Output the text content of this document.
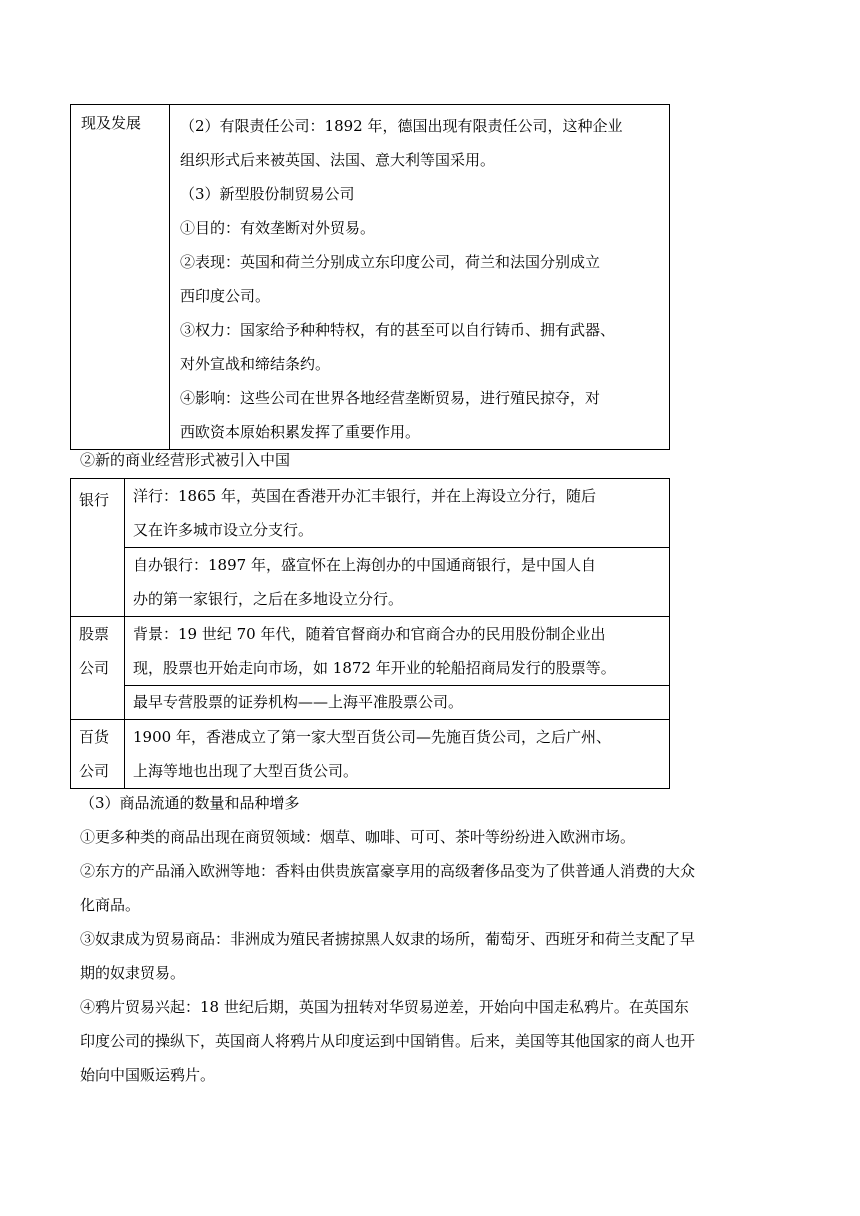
现及发展	（2）有限责任公司：1892 年，德国出现有限责任公司，这种企业
组织形式后来被英国、法国、意大利等国采用。
（3）新型股份制贸易公司
①目的：有效垄断对外贸易。
②表现：英国和荷兰分别成立东印度公司，荷兰和法国分别成立
西印度公司。
③权力：国家给予种种特权，有的甚至可以自行铸币、拥有武器、
对外宣战和缔结条约。
④影响：这些公司在世界各地经营垄断贸易，进行殖民掠夺，对
西欧资本原始积累发挥了重要作用。
②新的商业经营形式被引入中国
银行	洋行：1865 年，英国在香港开办汇丰银行，并在上海设立分行，随后
又在许多城市设立分支行。

	自办银行：1897 年，盛宣怀在上海创办的中国通商银行，是中国人自
办的第一家银行，之后在多地设立分行。

股票
公司	背景：19 世纪 70 年代，随着官督商办和官商合办的民用股份制企业出
现，股票也开始走向市场，如 1872 年开业的轮船招商局发行的股票等。

	最早专营股票的证券机构——上海平准股票公司。

百货
公司	1900 年，香港成立了第一家大型百货公司—先施百货公司，之后广州、
上海等地也出现了大型百货公司。
（3）商品流通的数量和品种增多
①更多种类的商品出现在商贸领域：烟草、咖啡、可可、茶叶等纷纷进入欧洲市场。
②东方的产品涌入欧洲等地：香料由供贵族富豪享用的高级奢侈品变为了供普通人消费的大众
化商品。
③奴隶成为贸易商品：非洲成为殖民者掳掠黑人奴隶的场所，葡萄牙、西班牙和荷兰支配了早
期的奴隶贸易。
④鸦片贸易兴起：18 世纪后期，英国为扭转对华贸易逆差，开始向中国走私鸦片。在英国东
印度公司的操纵下，英国商人将鸦片从印度运到中国销售。后来，美国等其他国家的商人也开
始向中国贩运鸦片。
